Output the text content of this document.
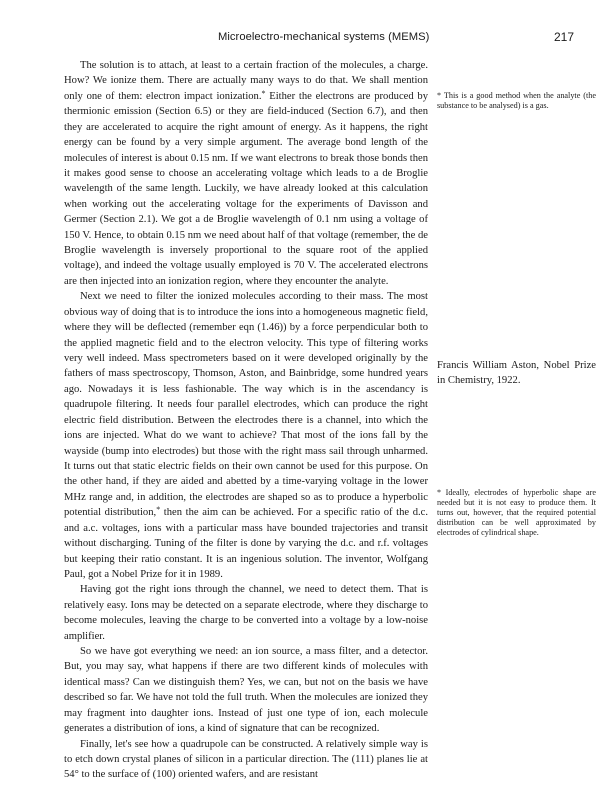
Microelectro-mechanical systems (MEMS)	217

The solution is to attach, at least to a certain fraction of the molecules, a charge. How? We ionize them. There are actually many ways to do that. We shall mention only one of them: electron impact ionization.* Either the electrons are produced by thermionic emission (Section 6.5) or they are field-induced (Section 6.7), and then they are accelerated to acquire the right amount of energy. As it happens, the right energy can be found by a very simple argument. The average bond length of the molecules of interest is about 0.15 nm. If we want electrons to break those bonds then it makes good sense to choose an accelerating voltage which leads to a de Broglie wavelength of the same length. Luckily, we have already looked at this calculation when working out the accelerating voltage for the experiments of Davisson and Germer (Section 2.1). We got a de Broglie wavelength of 0.1 nm using a voltage of 150 V. Hence, to obtain 0.15 nm we need about half of that voltage (remember, the de Broglie wavelength is inversely proportional to the square root of the applied voltage), and indeed the voltage usually employed is 70 V. The accelerated electrons are then injected into an ionization region, where they encounter the analyte.

Next we need to filter the ionized molecules according to their mass. The most obvious way of doing that is to introduce the ions into a homogeneous magnetic field, where they will be deflected (remember eqn (1.46)) by a force perpendicular both to the applied magnetic field and to the electron velocity. This type of filtering works very well indeed. Mass spectrometers based on it were developed originally by the fathers of mass spectroscopy, Thomson, Aston, and Bainbridge, some hundred years ago. Nowadays it is less fashionable. The way which is in the ascendancy is quadrupole filtering. It needs four parallel electrodes, which can produce the right electric field distribution. Between the electrodes there is a channel, into which the ions are injected. What do we want to achieve? That most of the ions fall by the wayside (bump into electrodes) but those with the right mass sail through unharmed. It turns out that static electric fields on their own cannot be used for this purpose. On the other hand, if they are aided and abetted by a time-varying voltage in the lower MHz range and, in addition, the electrodes are shaped so as to produce a hyperbolic potential distribution,* then the aim can be achieved. For a specific ratio of the d.c. and a.c. voltages, ions with a particular mass have bounded trajectories and transit without discharging. Tuning of the filter is done by varying the d.c. and r.f. voltages but keeping their ratio constant. It is an ingenious solution. The inventor, Wolfgang Paul, got a Nobel Prize for it in 1989.

Having got the right ions through the channel, we need to detect them. That is relatively easy. Ions may be detected on a separate electrode, where they discharge to become molecules, leaving the charge to be converted into a voltage by a low-noise amplifier.

So we have got everything we need: an ion source, a mass filter, and a detector. But, you may say, what happens if there are two different kinds of molecules with identical mass? Can we distinguish them? Yes, we can, but not on the basis we have described so far. We have not told the full truth. When the molecules are ionized they may fragment into daughter ions. Instead of just one type of ion, each molecule generates a distribution of ions, a kind of signature that can be recognized.

Finally, let's see how a quadrupole can be constructed. A relatively simple way is to etch down crystal planes of silicon in a particular direction. The (111) planes lie at 54° to the surface of (100) oriented wafers, and are resistant

* This is a good method when the analyte (the substance to be analysed) is a gas.
Francis William Aston, Nobel Prize in Chemistry, 1922.
* Ideally, electrodes of hyperbolic shape are needed but it is not easy to produce them. It turns out, however, that the required potential distribution can be well approximated by electrodes of cylindrical shape.
